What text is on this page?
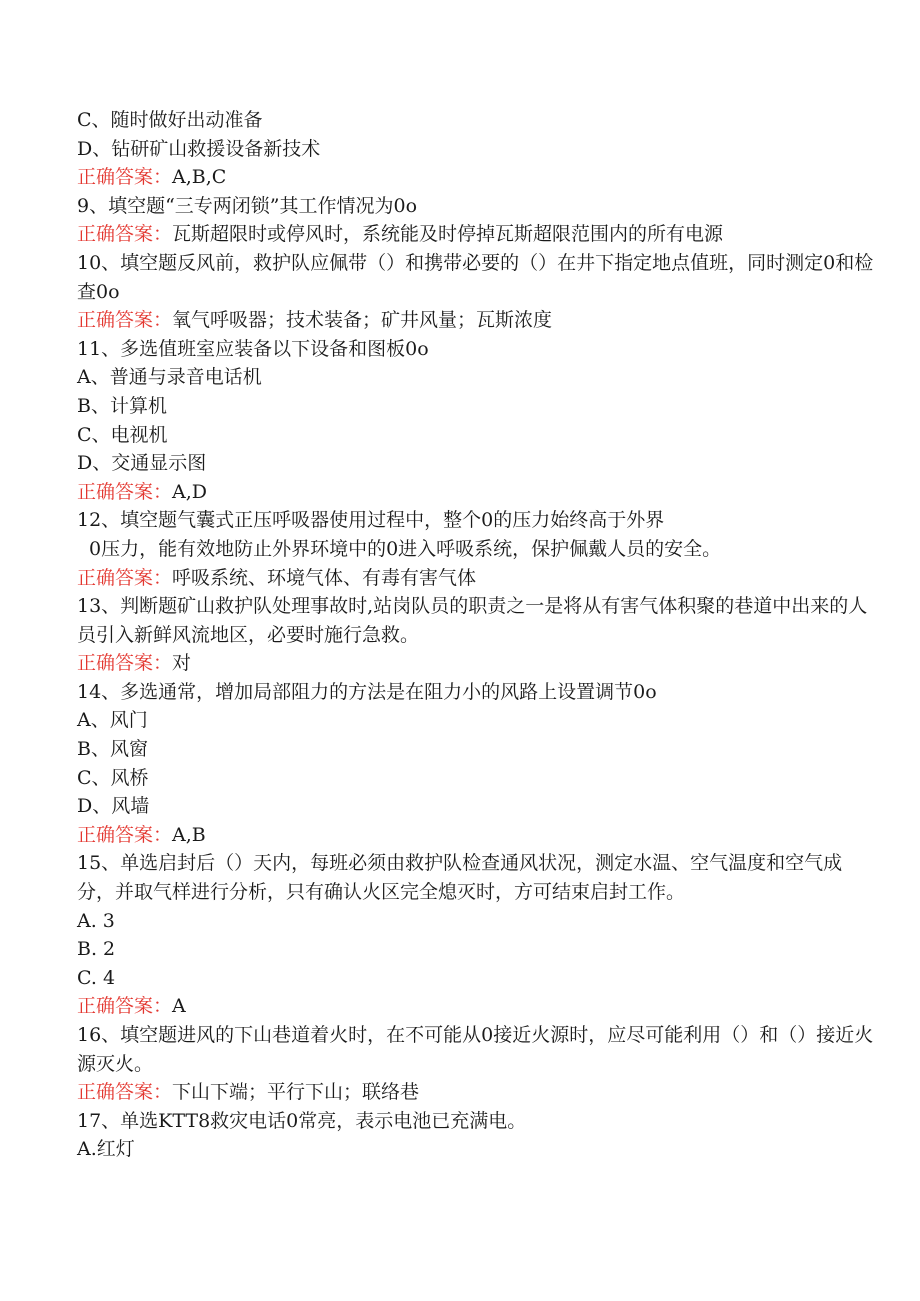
C、随时做好出动准备
D、钻研矿山救援设备新技术
正确答案：A,B,C
9、填空题“三专两闭锁”其工作情况为0o
正确答案：瓦斯超限时或停风时，系统能及时停掉瓦斯超限范围内的所有电源
10、填空题反风前，救护队应佩带（）和携带必要的（）在井下指定地点值班，同时测定0和检查0o
正确答案：氧气呼吸器；技术装备；矿井风量；瓦斯浓度
11、多选值班室应装备以下设备和图板0o
A、普通与录音电话机
B、计算机
C、电视机
D、交通显示图
正确答案：A,D
12、填空题气囊式正压呼吸器使用过程中，整个0的压力始终高于外界
0压力，能有效地防止外界环境中的0进入呼吸系统，保护佩戴人员的安全。
正确答案：呼吸系统、环境气体、有毒有害气体
13、判断题矿山救护队处理事故时,站岗队员的职责之一是将从有害气体积聚的巷道中出来的人员引入新鲜风流地区，必要时施行急救。
正确答案：对
14、多选通常，增加局部阻力的方法是在阻力小的风路上设置调节0o
A、风门
B、风窗
C、风桥
D、风墙
正确答案：A,B
15、单选启封后（）天内，每班必须由救护队检查通风状况，测定水温、空气温度和空气成分，并取气样进行分析，只有确认火区完全熄灭时，方可结束启封工作。
A. 3
B. 2
C. 4
正确答案：A
16、填空题进风的下山巷道着火时，在不可能从0接近火源时，应尽可能利用（）和（）接近火源灭火。
正确答案：下山下端；平行下山；联络巷
17、单选KTT8救灾电话0常亮，表示电池已充满电。
A.红灯
